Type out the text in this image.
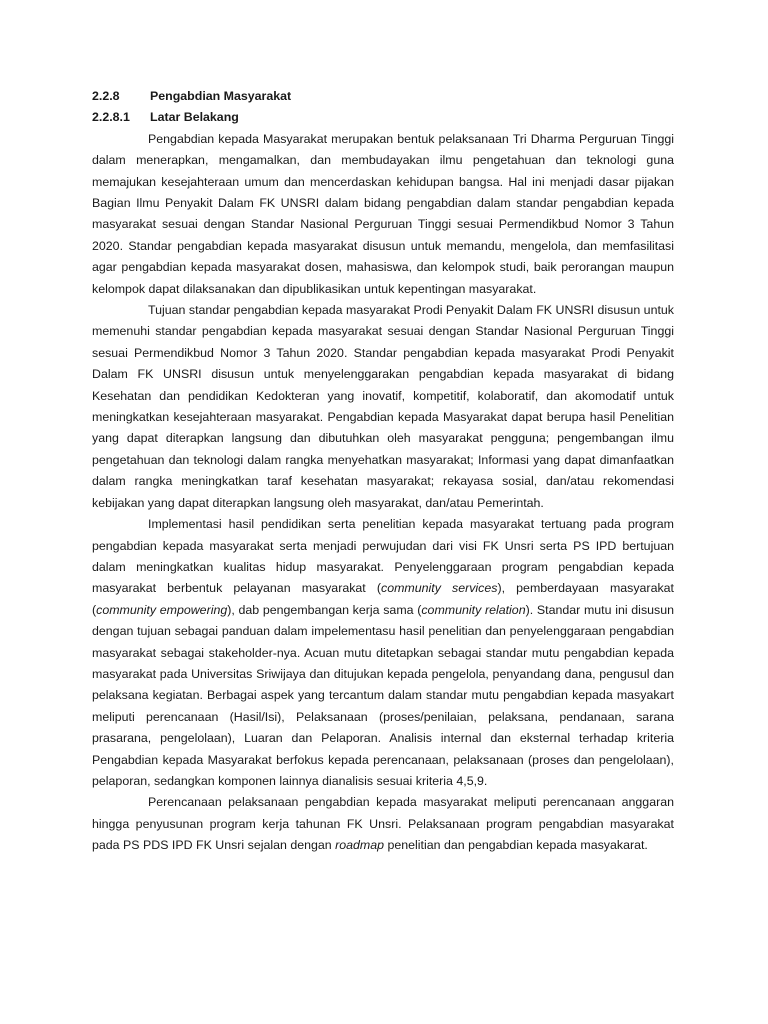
2.2.8 Pengabdian Masyarakat
2.2.8.1 Latar Belakang

Pengabdian kepada Masyarakat merupakan bentuk pelaksanaan Tri Dharma Perguruan Tinggi dalam menerapkan, mengamalkan, dan membudayakan ilmu pengetahuan dan teknologi guna memajukan kesejahteraan umum dan mencerdaskan kehidupan bangsa. Hal ini menjadi dasar pijakan Bagian Ilmu Penyakit Dalam FK UNSRI dalam bidang pengabdian dalam standar pengabdian kepada masyarakat sesuai dengan Standar Nasional Perguruan Tinggi sesuai Permendikbud Nomor 3 Tahun 2020. Standar pengabdian kepada masyarakat disusun untuk memandu, mengelola, dan memfasilitasi agar pengabdian kepada masyarakat dosen, mahasiswa, dan kelompok studi, baik perorangan maupun kelompok dapat dilaksanakan dan dipublikasikan untuk kepentingan masyarakat.

Tujuan standar pengabdian kepada masyarakat Prodi Penyakit Dalam FK UNSRI disusun untuk memenuhi standar pengabdian kepada masyarakat sesuai dengan Standar Nasional Perguruan Tinggi sesuai Permendikbud Nomor 3 Tahun 2020. Standar pengabdian kepada masyarakat Prodi Penyakit Dalam FK UNSRI disusun untuk menyelenggarakan pengabdian kepada masyarakat di bidang Kesehatan dan pendidikan Kedokteran yang inovatif, kompetitif, kolaboratif, dan akomodatif untuk meningkatkan kesejahteraan masyarakat. Pengabdian kepada Masyarakat dapat berupa hasil Penelitian yang dapat diterapkan langsung dan dibutuhkan oleh masyarakat pengguna; pengembangan ilmu pengetahuan dan teknologi dalam rangka menyehatkan masyarakat; Informasi yang dapat dimanfaatkan dalam rangka meningkatkan taraf kesehatan masyarakat; rekayasa sosial, dan/atau rekomendasi kebijakan yang dapat diterapkan langsung oleh masyarakat, dan/atau Pemerintah.

Implementasi hasil pendidikan serta penelitian kepada masyarakat tertuang pada program pengabdian kepada masyarakat serta menjadi perwujudan dari visi FK Unsri serta PS IPD bertujuan dalam meningkatkan kualitas hidup masyarakat. Penyelenggaraan program pengabdian kepada masyarakat berbentuk pelayanan masyarakat (community services), pemberdayaan masyarakat (community empowering), dab pengembangan kerja sama (community relation). Standar mutu ini disusun dengan tujuan sebagai panduan dalam impelementasu hasil penelitian dan penyelenggaraan pengabdian masyarakat sebagai stakeholder-nya. Acuan mutu ditetapkan sebagai standar mutu pengabdian kepada masyarakat pada Universitas Sriwijaya dan ditujukan kepada pengelola, penyandang dana, pengusul dan pelaksana kegiatan. Berbagai aspek yang tercantum dalam standar mutu pengabdian kepada masyakart meliputi perencanaan (Hasil/Isi), Pelaksanaan (proses/penilaian, pelaksana, pendanaan, sarana prasarana, pengelolaan), Luaran dan Pelaporan. Analisis internal dan eksternal terhadap kriteria Pengabdian kepada Masyarakat berfokus kepada perencanaan, pelaksanaan (proses dan pengelolaan), pelaporan, sedangkan komponen lainnya dianalisis sesuai kriteria 4,5,9.

Perencanaan pelaksanaan pengabdian kepada masyarakat meliputi perencanaan anggaran hingga penyusunan program kerja tahunan FK Unsri. Pelaksanaan program pengabdian masyarakat pada PS PDS IPD FK Unsri sejalan dengan roadmap penelitian dan pengabdian kepada masyakarat.
